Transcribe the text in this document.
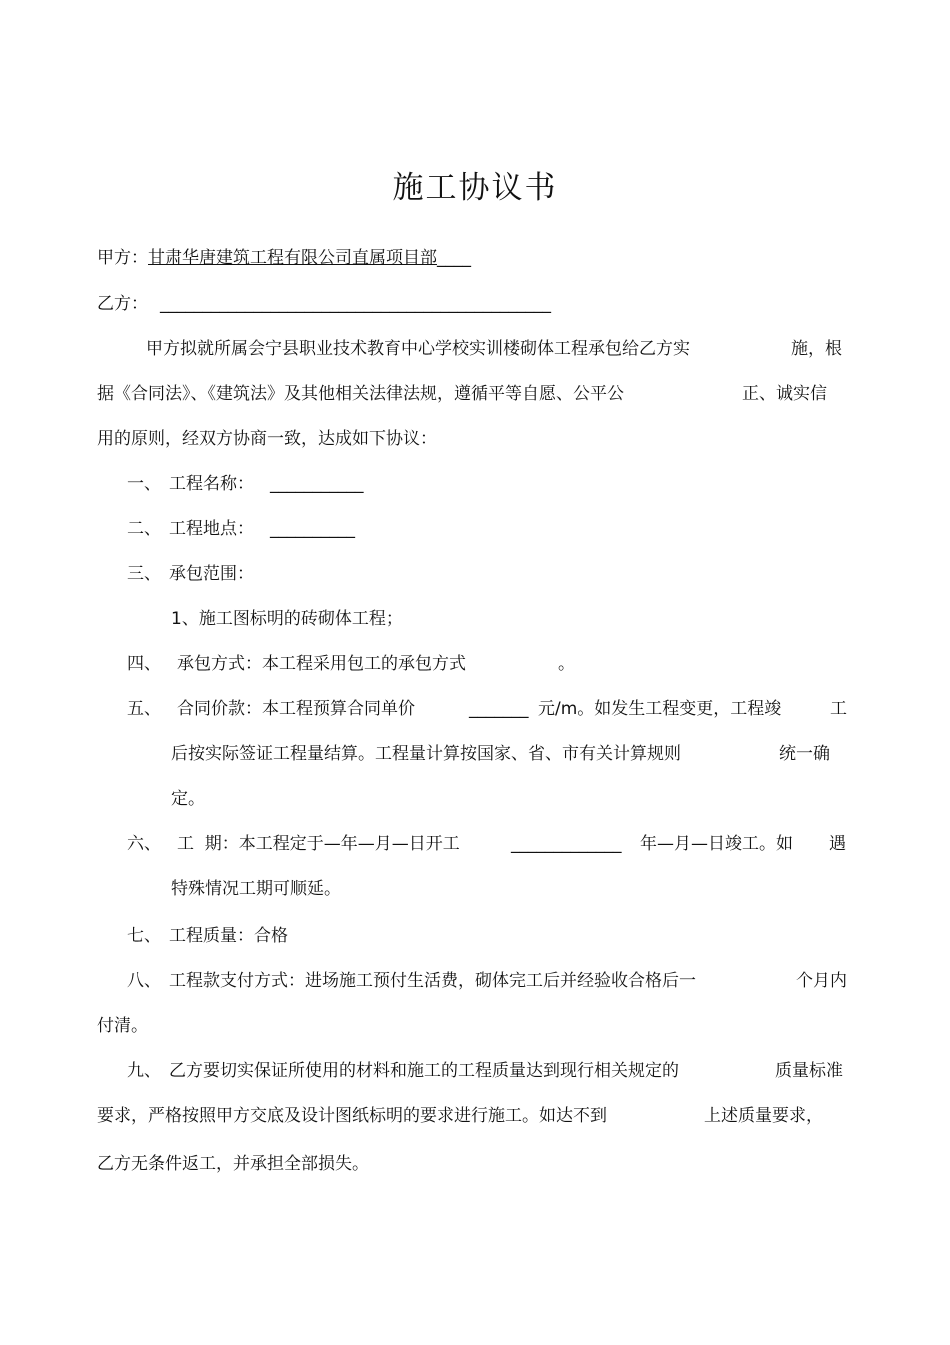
施工协议书
甲方：甘肃华唐建筑工程有限公司直属项目部____
乙方： ______________________________________________
甲方拟就所属会宁县职业技术教育中心学校实训楼砌体工程承包给乙方实	施，根
据《合同法》、《建筑法》及其他相关法律法规，遵循平等自愿、公平公	正、诚实信
用的原则，经双方协商一致，达成如下协议：
一、 工程名称： ___________
二、 工程地点： __________
三、 承包范围：
1、施工图标明的砖砌体工程；
四、 承包方式：本工程采用包工的承包方式	。
五、 合同价款：本工程预算合同单价	_______ 元/m。如发生工程变更，工程竣	工
后按实际签证工程量结算。工程量计算按国家、省、市有关计算规则	统一确
定。
六、 工  期：本工程定于—年—月—日开工	_____________ 年—月—日竣工。如 遇
特殊情况工期可顺延。
七、 工程质量：合格
八、 工程款支付方式：进场施工预付生活费，砌体完工后并经验收合格后一	个月内
付清。
九、 乙方要切实保证所使用的材料和施工的工程质量达到现行相关规定的	质量标准
要求，严格按照甲方交底及设计图纸标明的要求进行施工。如达不到	上述质量要求，
乙方无条件返工，并承担全部损失。
